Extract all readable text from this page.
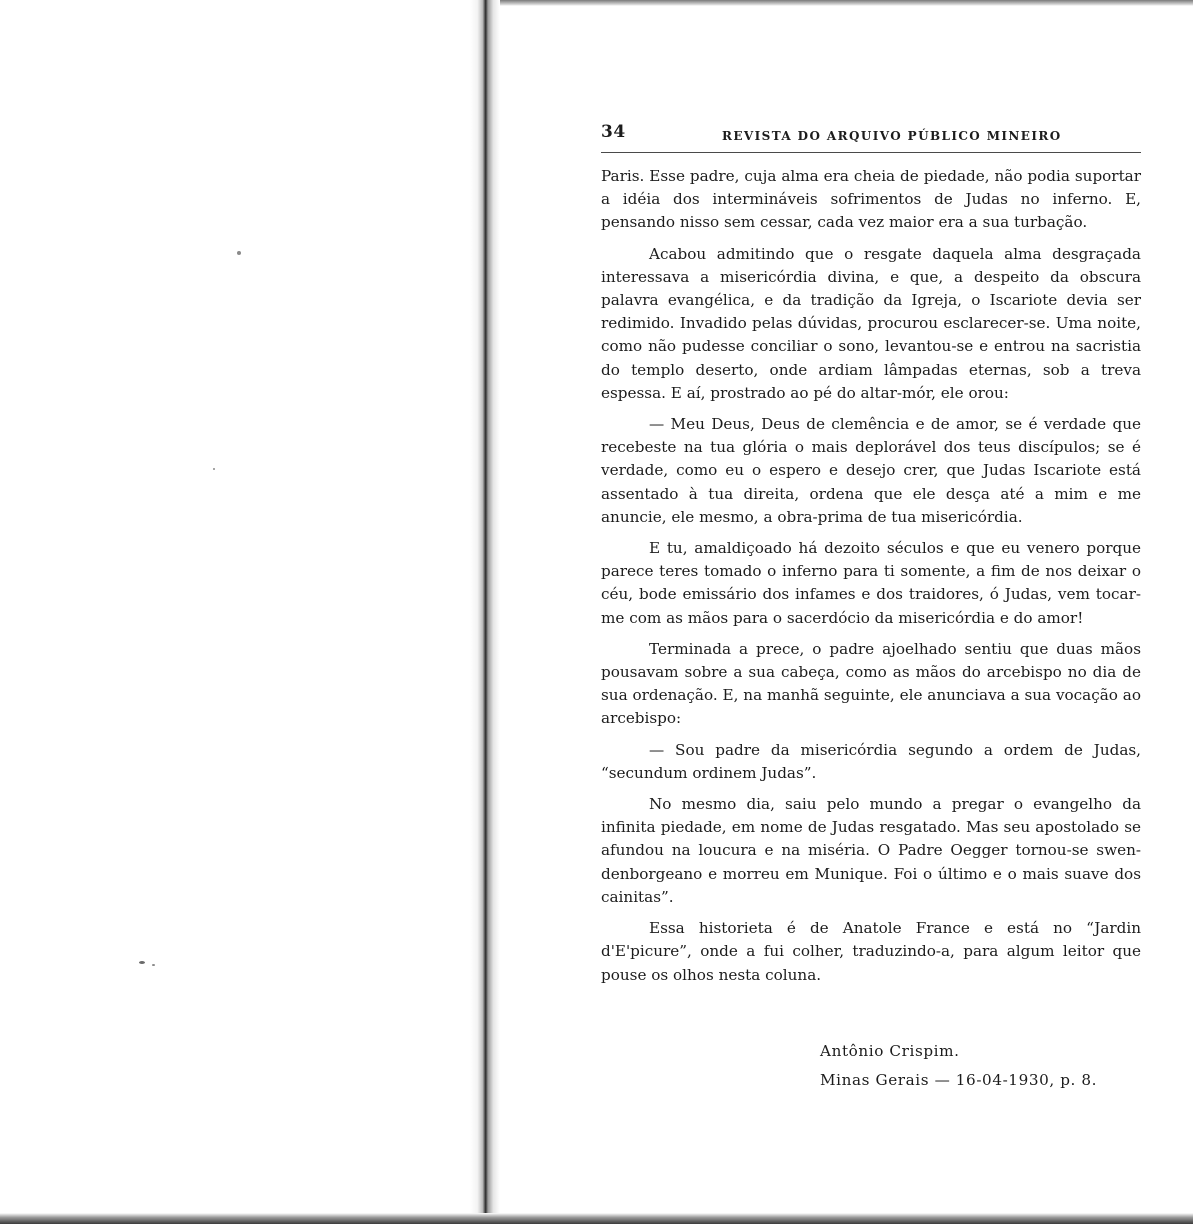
34	REVISTA DO ARQUIVO PÚBLICO MINEIRO

Paris. Esse padre, cuja alma era cheia de piedade, não podia suportar a idéia dos intermináveis sofrimentos de Judas no inferno. E, pensando nisso sem cessar, cada vez maior era a sua turbação.

Acabou admitindo que o resgate daquela alma desgraçada interessava a misericórdia divina, e que, a despeito da obscura palavra evangélica, e da tradição da Igreja, o Iscariote devia ser redimido. Invadido pelas dúvidas, procurou esclarecer-se. Uma noite, como não pudesse conciliar o sono, levantou-se e entrou na sacristia do templo deserto, onde ardiam lâmpadas eternas, sob a treva espessa. E aí, prostrado ao pé do altar-mór, ele orou:

— Meu Deus, Deus de clemência e de amor, se é verdade que recebeste na tua glória o mais deplorável dos teus discípulos; se é verdade, como eu o espero e desejo crer, que Judas Iscariote está assentado à tua direita, ordena que ele desça até a mim e me anuncie, ele mesmo, a obra-prima de tua misericórdia.

E tu, amaldiçoado há dezoito séculos e que eu venero porque parece teres tomado o inferno para ti somente, a fim de nos deixar o céu, bode emissário dos infames e dos traidores, ó Judas, vem tocar-me com as mãos para o sacerdócio da misericórdia e do amor!

Terminada a prece, o padre ajoelhado sentiu que duas mãos pousavam sobre a sua cabeça, como as mãos do arcebispo no dia de sua ordenação. E, na manhã seguinte, ele anunciava a sua vocação ao arcebispo:

— Sou padre da misericórdia segundo a ordem de Judas, “secundum ordinem Judas”.

No mesmo dia, saiu pelo mundo a pregar o evangelho da infinita piedade, em nome de Judas resgatado. Mas seu apostolado se afundou na loucura e na miséria. O Padre Oegger tornou-se swen-denborgeano e morreu em Munique. Foi o último e o mais suave dos cainitas”.

Essa historieta é de Anatole France e está no “Jardin d'E'picure”, onde a fui colher, traduzindo-a, para algum leitor que pouse os olhos nesta coluna.

Antônio Crispim.
Minas Gerais — 16-04-1930, p. 8.
